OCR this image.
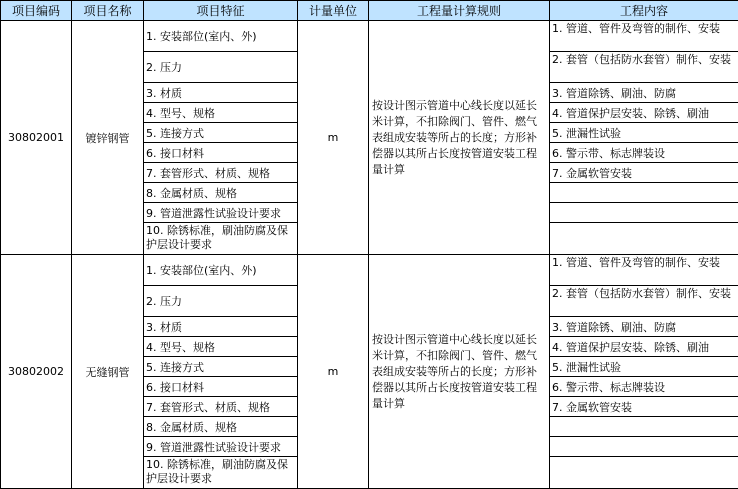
项目编码	项目名称	项目特征	计量单位	工程量计算规则	工程内容
30802001	镀锌钢管	1. 安装部位(室内、外)	m	按设计图示管道中心线长度以延长米计算，不扣除阀门、管件、燃气表组成安装等所占的长度；方形补偿器以其所占长度按管道安装工程量计算	1. 管道、管件及弯管的制作、安装
		2. 压力			2. 套管（包括防水套管）制作、安装
		3. 材质			3. 管道除锈、刷油、防腐
		4. 型号、规格			4. 管道保护层安装、除锈、刷油
		5. 连接方式			5. 泄漏性试验
		6. 接口材料			6. 警示带、标志牌装设
		7. 套管形式、材质、规格			7. 金属软管安装
		8. 金属材质、规格			
		9. 管道泄露性试验设计要求			
		10. 除锈标准，刷油防腐及保护层设计要求			
30802002	无缝钢管	1. 安装部位(室内、外)	m	按设计图示管道中心线长度以延长米计算，不扣除阀门、管件、燃气表组成安装等所占的长度；方形补偿器以其所占长度按管道安装工程量计算	1. 管道、管件及弯管的制作、安装
		2. 压力			2. 套管（包括防水套管）制作、安装
		3. 材质			3. 管道除锈、刷油、防腐
		4. 型号、规格			4. 管道保护层安装、除锈、刷油
		5. 连接方式			5. 泄漏性试验
		6. 接口材料			6. 警示带、标志牌装设
		7. 套管形式、材质、规格			7. 金属软管安装
		8. 金属材质、规格			
		9. 管道泄露性试验设计要求			
		10. 除锈标准，刷油防腐及保护层设计要求			
